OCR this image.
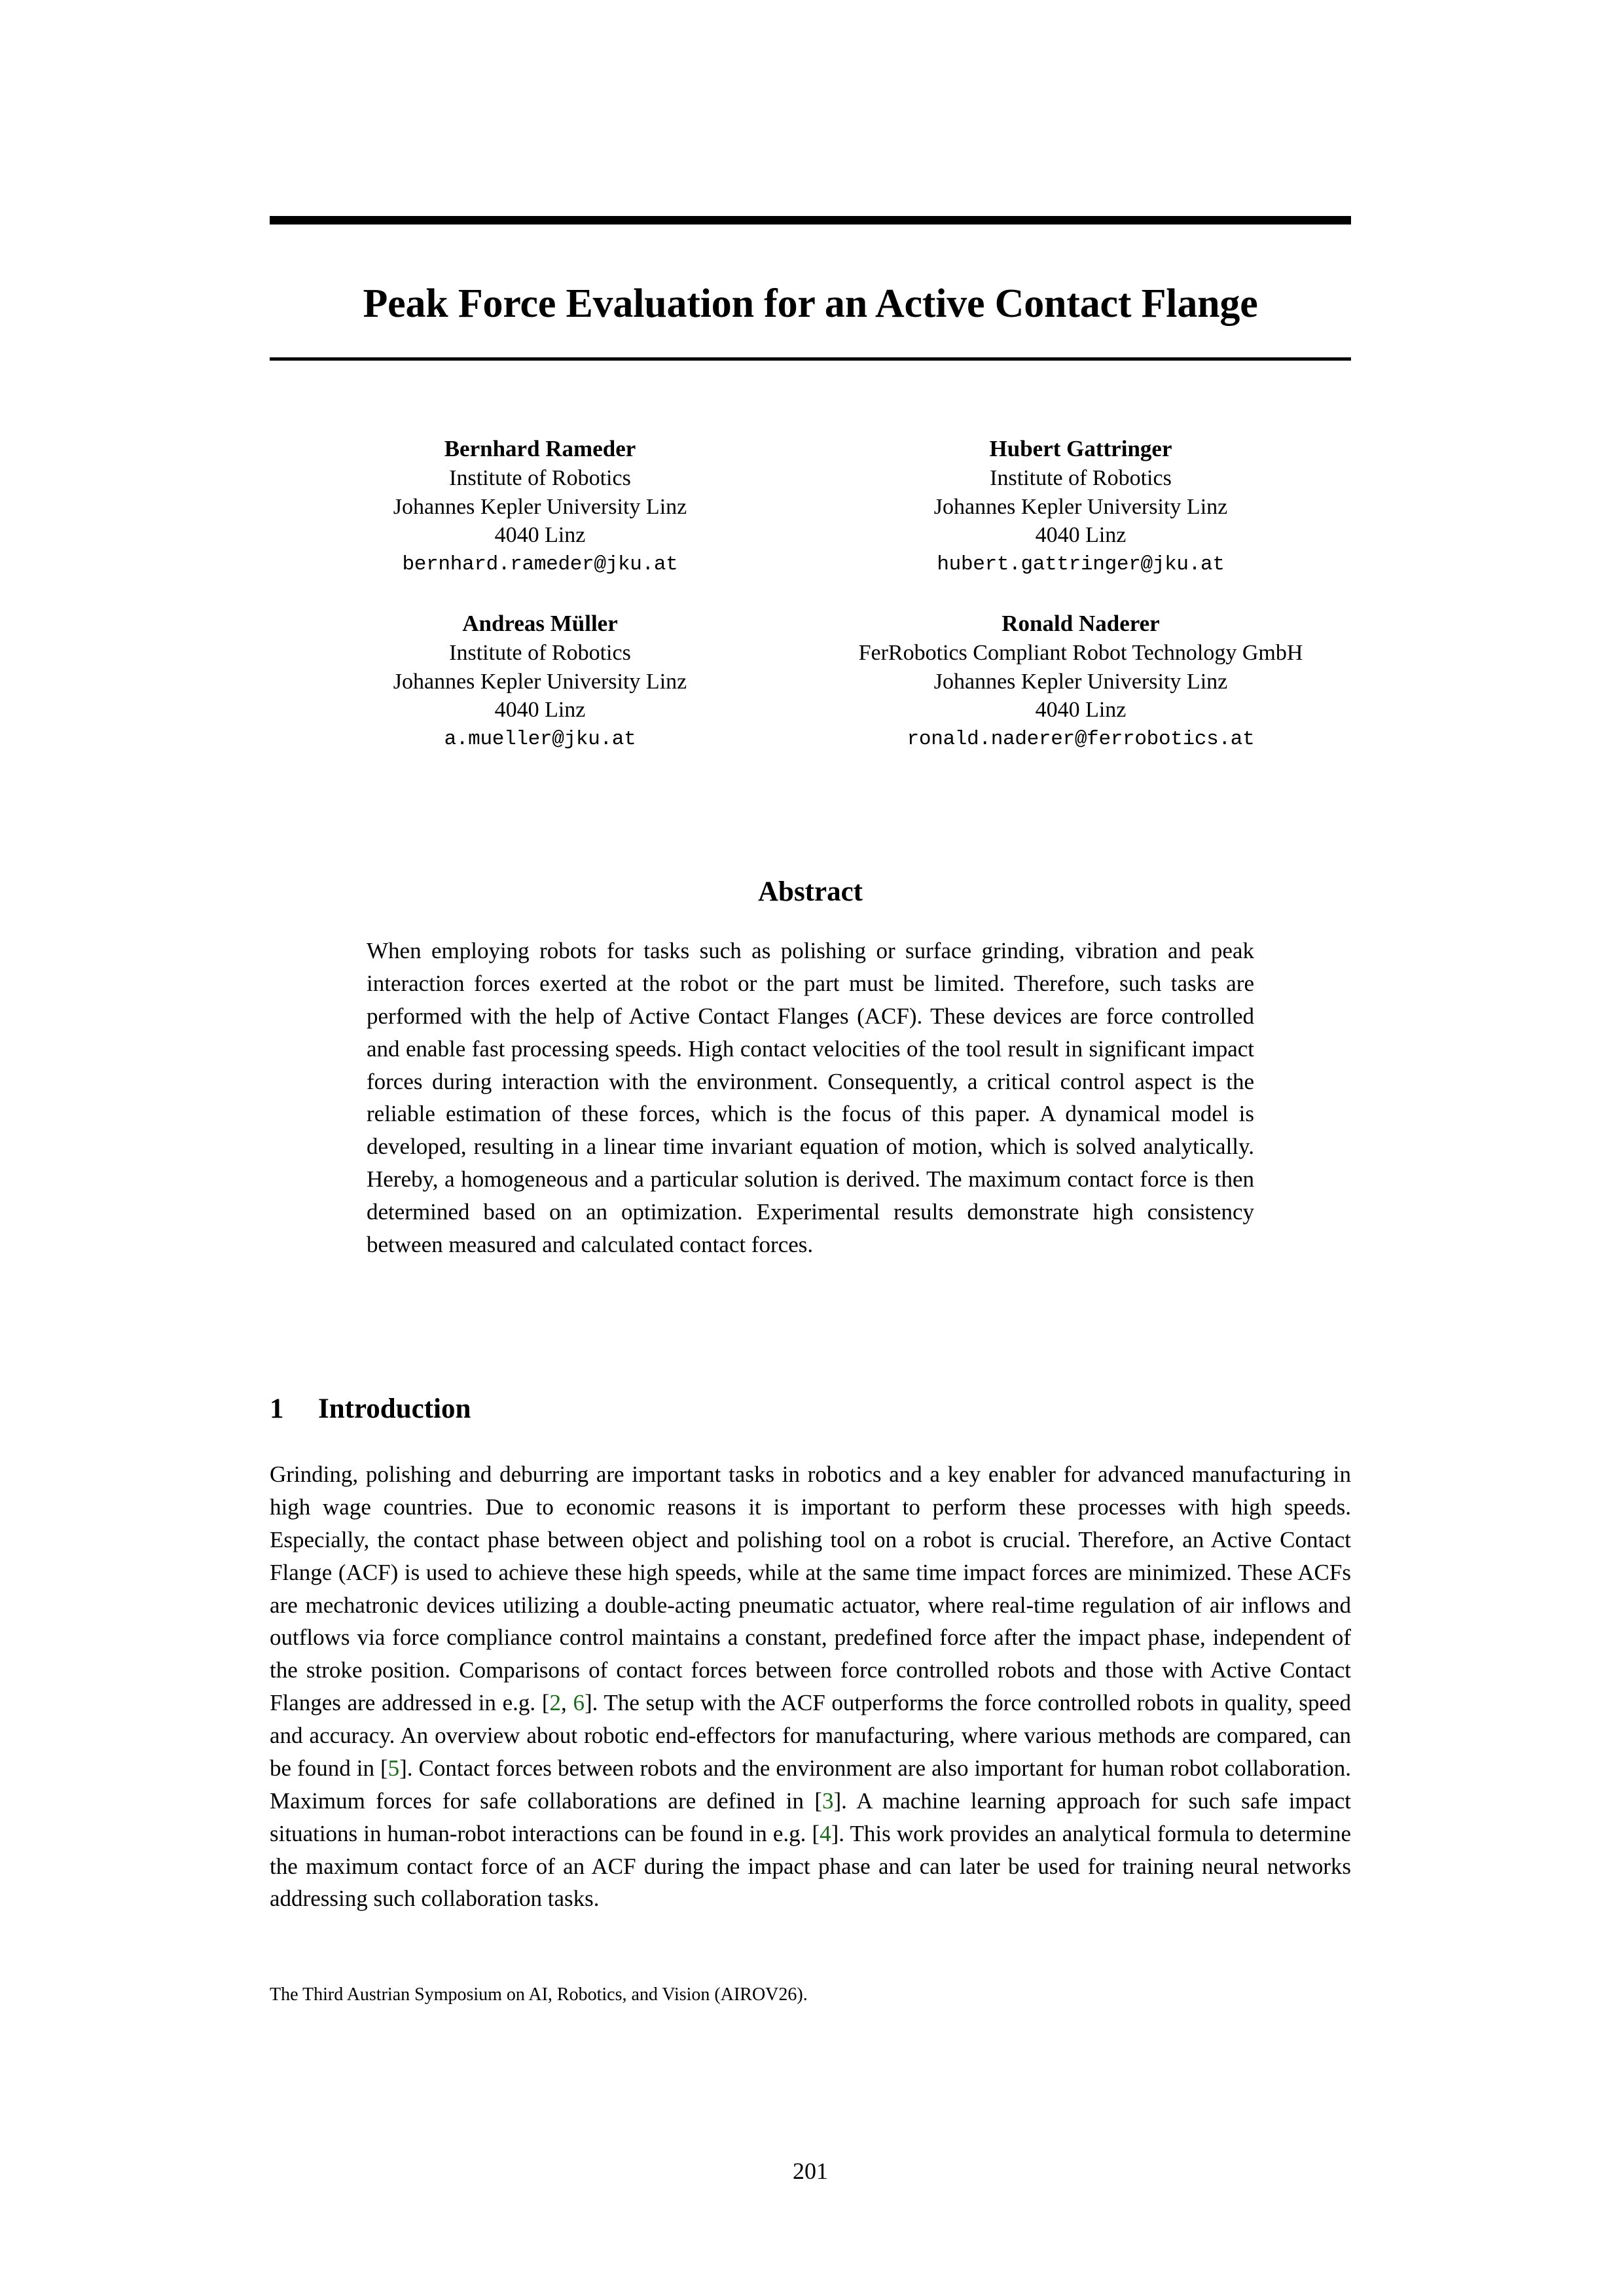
Peak Force Evaluation for an Active Contact Flange
Bernhard Rameder
Institute of Robotics
Johannes Kepler University Linz
4040 Linz
bernhard.rameder@jku.at
Hubert Gattringer
Institute of Robotics
Johannes Kepler University Linz
4040 Linz
hubert.gattringer@jku.at
Andreas Müller
Institute of Robotics
Johannes Kepler University Linz
4040 Linz
a.mueller@jku.at
Ronald Naderer
FerRobotics Compliant Robot Technology GmbH
Johannes Kepler University Linz
4040 Linz
ronald.naderer@ferrobotics.at
Abstract
When employing robots for tasks such as polishing or surface grinding, vibration and peak interaction forces exerted at the robot or the part must be limited. Therefore, such tasks are performed with the help of Active Contact Flanges (ACF). These devices are force controlled and enable fast processing speeds. High contact velocities of the tool result in significant impact forces during interaction with the environment. Consequently, a critical control aspect is the reliable estimation of these forces, which is the focus of this paper. A dynamical model is developed, resulting in a linear time invariant equation of motion, which is solved analytically. Hereby, a homogeneous and a particular solution is derived. The maximum contact force is then determined based on an optimization. Experimental results demonstrate high consistency between measured and calculated contact forces.
1 Introduction
Grinding, polishing and deburring are important tasks in robotics and a key enabler for advanced manufacturing in high wage countries. Due to economic reasons it is important to perform these processes with high speeds. Especially, the contact phase between object and polishing tool on a robot is crucial. Therefore, an Active Contact Flange (ACF) is used to achieve these high speeds, while at the same time impact forces are minimized. These ACFs are mechatronic devices utilizing a double-acting pneumatic actuator, where real-time regulation of air inflows and outflows via force compliance control maintains a constant, predefined force after the impact phase, independent of the stroke position. Comparisons of contact forces between force controlled robots and those with Active Contact Flanges are addressed in e.g. [2, 6]. The setup with the ACF outperforms the force controlled robots in quality, speed and accuracy. An overview about robotic end-effectors for manufacturing, where various methods are compared, can be found in [5]. Contact forces between robots and the environment are also important for human robot collaboration. Maximum forces for safe collaborations are defined in [3]. A machine learning approach for such safe impact situations in human-robot interactions can be found in e.g. [4]. This work provides an analytical formula to determine the maximum contact force of an ACF during the impact phase and can later be used for training neural networks addressing such collaboration tasks.
The Third Austrian Symposium on AI, Robotics, and Vision (AIROV26).
201
